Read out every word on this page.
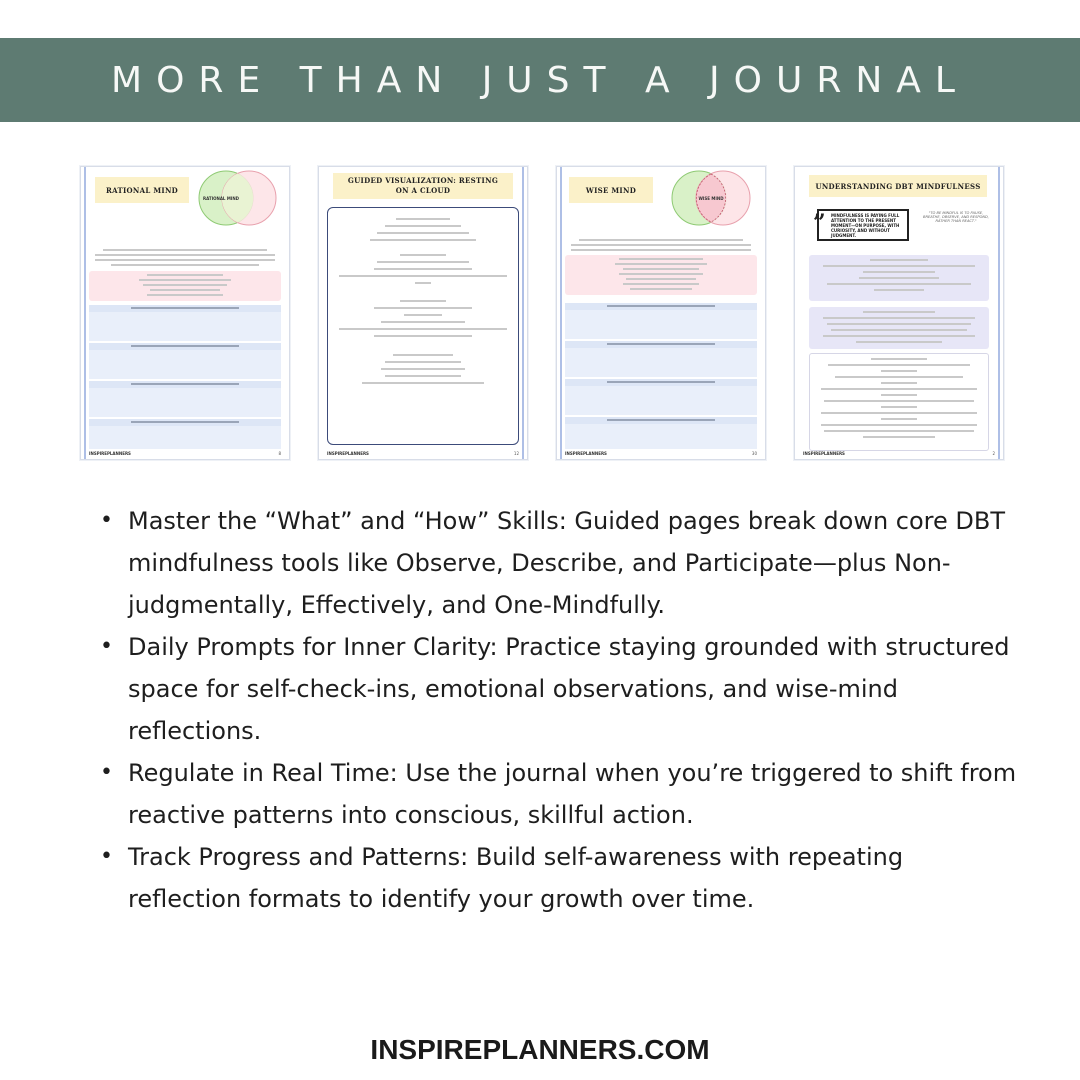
MORE THAN JUST A JOURNAL
RATIONAL MIND
RATIONAL MIND
INSPIREPLANNERS	8
GUIDED VISUALIZATION: RESTING ON A CLOUD
INSPIREPLANNERS	12
WISE MIND
WISE MIND
INSPIREPLANNERS	30
UNDERSTANDING DBT MINDFULNESS
” MINDFULNESS IS PAYING FULL ATTENTION TO THE PRESENT MOMENT—ON PURPOSE, WITH CURIOSITY, AND WITHOUT JUDGMENT.
"TO BE MINDFUL IS TO PAUSE, BREATHE, OBSERVE, AND RESPOND, RATHER THAN REACT."
INSPIREPLANNERS	2
• Master the “What” and “How” Skills: Guided pages break down core DBT mindfulness tools like Observe, Describe, and Participate—plus Non-judgmentally, Effectively, and One-Mindfully.
• Daily Prompts for Inner Clarity: Practice staying grounded with structured space for self-check-ins, emotional observations, and wise-mind reflections.
• Regulate in Real Time: Use the journal when you’re triggered to shift from reactive patterns into conscious, skillful action.
• Track Progress and Patterns: Build self-awareness with repeating reflection formats to identify your growth over time.
INSPIREPLANNERS.COM
